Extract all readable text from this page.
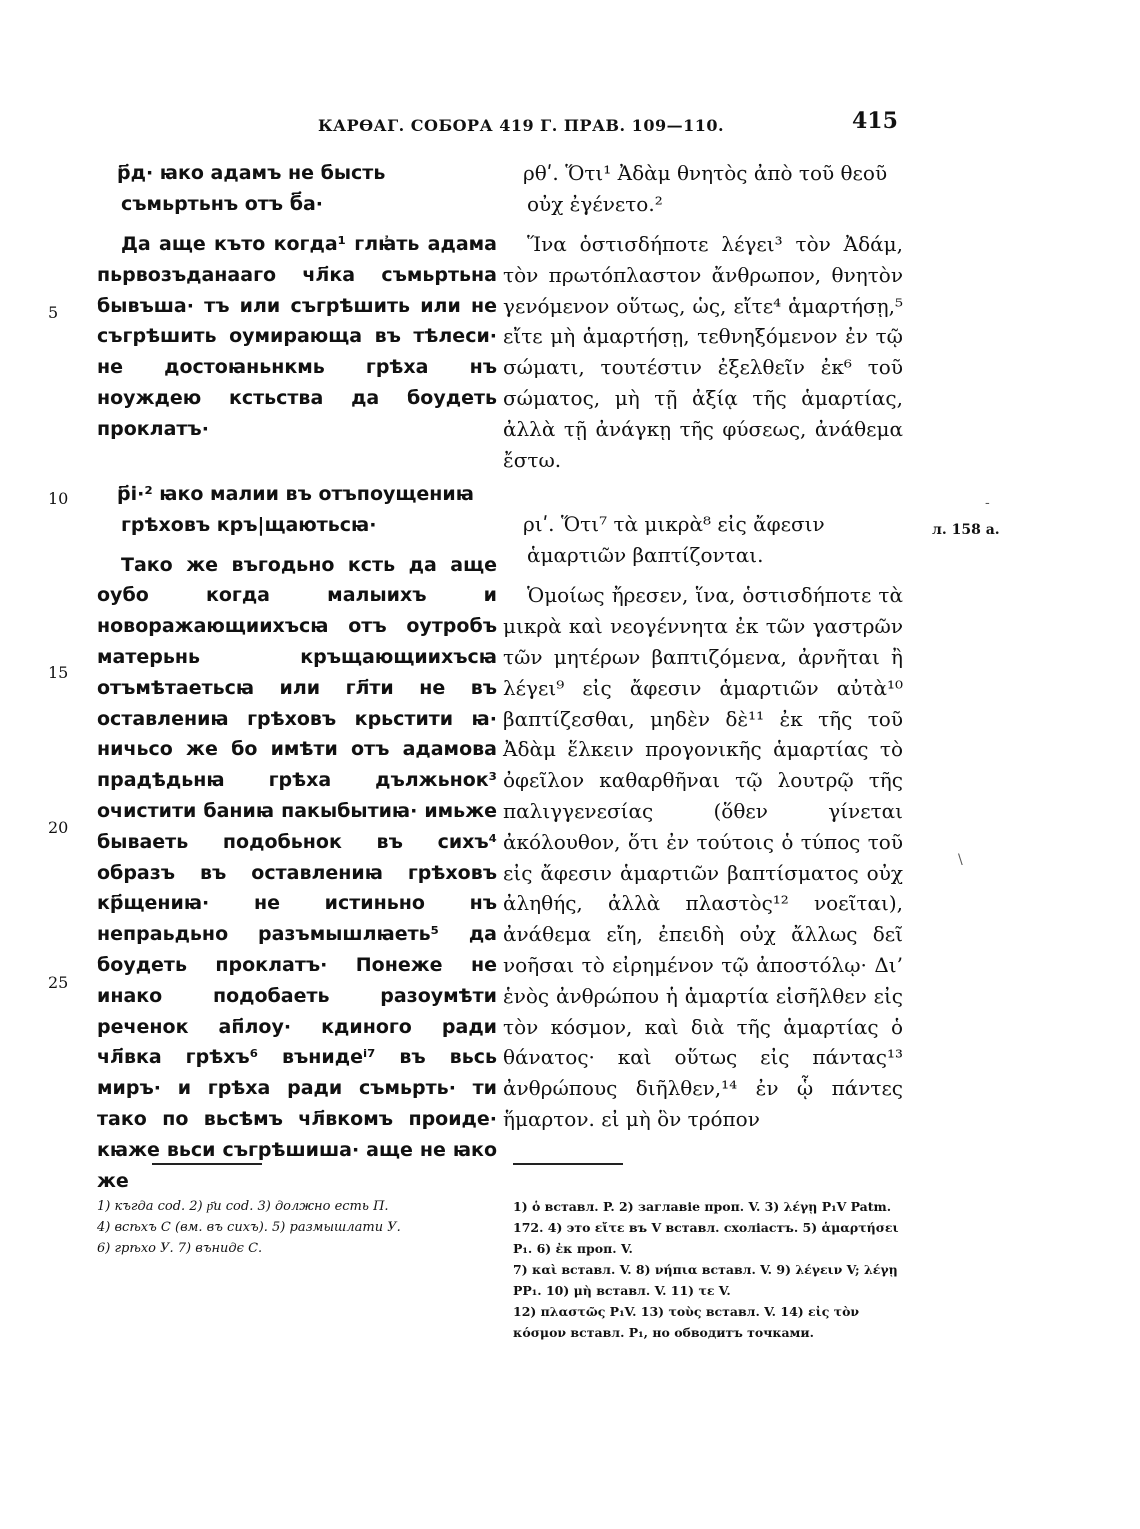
КАРѲАГ. СОБОРА 419 Г. ПРАВ. 109—110.	415
5
10
15
20
25

р҃д· ꙗко адамъ не бысть съмьртьнъ отъ б҃а·

Да аще къто когда¹ глꙗ҆ть адама пьрвозъданааго чл҃ка съмьртьна бывъша· тъ или съгрѣшить или не съгрѣшить оумирающа въ тѣлеси· не достоꙗньнкмь грѣха нъ ноуждею кстьства да боудеть проклатъ·

р҃і·² ꙗко малии въ отъпоущениꙗ грѣховъ кръ|щаютьсꙗ·

Тако же въгодьно ксть да аще оубо когда малыихъ и новоражающиихъсꙗ отъ оутробъ матерьнь кръщающиихъсꙗ отъмѣтаетьсꙗ или гл҃ти не въ оставлениꙗ грѣховъ крьстити ꙗ· ничьсо же бо имѣти отъ адамова прадѣдьнꙗ грѣха дължьнок³ очистити баниꙗ пакыбытиꙗ· имьже бываеть подобьнок въ сихъ⁴ образъ въ оставлениꙗ грѣховъ кр҃щениꙗ· не истиньно нъ непраьдьно разъмышлꙗеть⁵ да боудеть проклатъ· Понеже не инако подобаеть разоумѣти реченок ап҃лоу· кдиного ради чл҃вка грѣхъ⁶ вънидеⁱ⁷ въ вьсь миръ· и грѣха ради съмьрть· ти тако по вьсѣмъ чл҃вкомъ проиде· кꙗже вьси съгрѣшиша· аще не ꙗко же

ρθʹ. Ὅτι¹ Ἀδὰμ θνητὸς ἀπὸ τοῦ θεοῦ οὐχ ἐγένετο.²

Ἵνα ὁστισδήποτε λέγει³ τὸν Ἀδάμ, τὸν πρωτόπλαστον ἄνθρωπον, θνητὸν γενόμενον οὕτως, ὡς, εἴτε⁴ ἁμαρτήσῃ,⁵ εἴτε μὴ ἁμαρτήσῃ, τεθνηξόμενον ἐν τῷ σώματι, τουτέστιν ἐξελθεῖν ἐκ⁶ τοῦ σώματος, μὴ τῇ ἀξίᾳ τῆς ἁμαρτίας, ἀλλὰ τῇ ἀνάγκῃ τῆς φύσεως, ἀνάθεμα ἔστω.

ριʹ. Ὅτι⁷ τὰ μικρὰ⁸ εἰς ἄφεσιν ἁμαρτιῶν βαπτίζονται.

Ὁμοίως ἤρεσεν, ἵνα, ὁστισδήποτε τὰ μικρὰ καὶ νεογέννητα ἐκ τῶν γαστρῶν τῶν μητέρων βαπτιζόμενα, ἀρνῆται ἢ λέγει⁹ εἰς ἄφεσιν ἁμαρτιῶν αὐτὰ¹⁰ βαπτίζεσθαι, μηδὲν δὲ¹¹ ἐκ τῆς τοῦ Ἀδὰμ ἕλκειν προγονικῆς ἁμαρτίας τὸ ὀφεῖλον καθαρθῆναι τῷ λουτρῷ τῆς παλιγγενεσίας (ὅθεν γίνεται ἀκόλουθον, ὅτι ἐν τούτοις ὁ τύπος τοῦ εἰς ἄφεσιν ἁμαρτιῶν βαπτίσματος οὐχ ἀληθής, ἀλλὰ πλαστὸς¹² νοεῖται), ἀνάθεμα εἴη, ἐπειδὴ οὐχ ἄλλως δεῖ νοῆσαι τὸ εἰρημένον τῷ ἀποστόλῳ· Δι’ ἑνὸς ἀνθρώπου ἡ ἁμαρτία εἰσῆλθεν εἰς τὸν κόσμον, καὶ διὰ τῆς ἁμαρτίας ὁ θάνατος· καὶ οὕτως εἰς πάντας¹³ ἀνθρώπους διῆλθεν,¹⁴ ἐν ᾧ πάντες ἥμαρτον. εἰ μὴ ὃν τρόπον

л. 158 а.
-
\

1) къгда cod. 2) р҃и cod. 3) должно есть П.

4) всѣхъ С (вм. въ сихъ). 5) размышлати У.

6) грѣхо У. 7) вънидє С.

1) ὁ вставл. P. 2) заглавіе проп. V. 3) λέγῃ P₁V Patm. 172. 4) это εἴτε въ V вставл. схоліастъ. 5) ἁμαρτήσει P₁. 6) ἐκ проп. V.

7) καὶ вставл. V. 8) νήπια вставл. V. 9) λέγειν V; λέγῃ PP₁. 10) μὴ вставл. V. 11) τε V.

12) πλαστῶς P₁V. 13) τοὺς вставл. V. 14) εἰς τὸν κόσμον вставл. P₁, но обводитъ точками.
